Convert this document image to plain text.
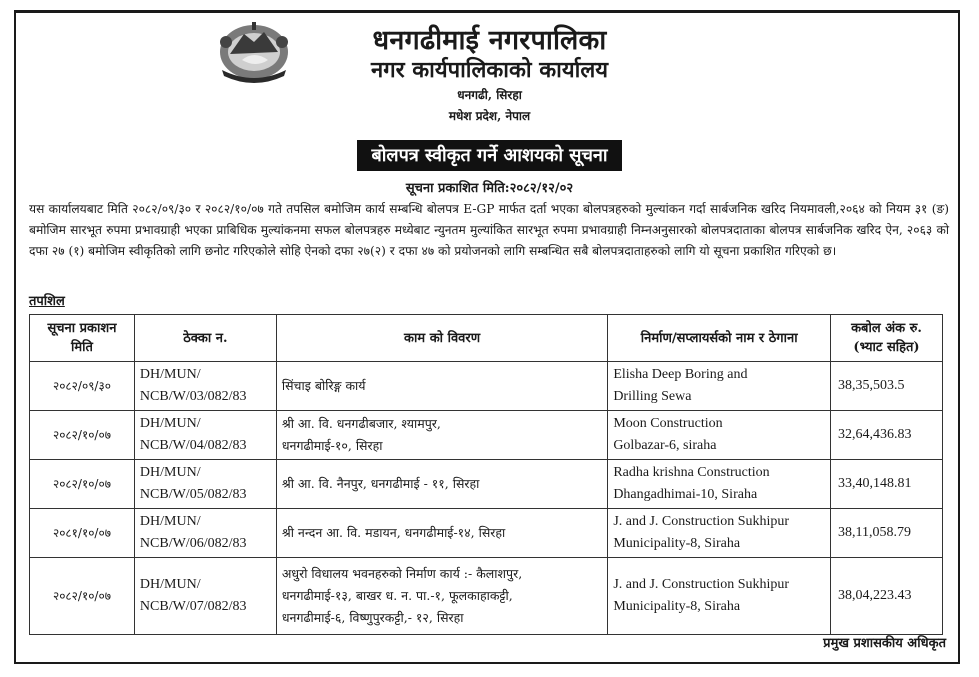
धनगढीमाई नगरपालिका
नगर कार्यपालिकाको कार्यालय
धनगढी, सिरहा
मधेश प्रदेश, नेपाल
बोलपत्र स्वीकृत गर्ने आशयको सूचना
सूचना प्रकाशित मिति:२०८२/१२/०२
यस कार्यालयबाट मिति २०८२/०९/३० र २०८२/१०/०७ गते तपसिल बमोजिम कार्य सम्बन्धि बोलपत्र E-GP मार्फत दर्ता भएका बोलपत्रहरुको मुल्यांकन गर्दा सार्बजनिक खरिद नियमावली,२०६४ को नियम ३१ (ङ) बमोजिम सारभूत रुपमा प्रभावग्राही भएका प्राबिधिक मुल्यांकनमा सफल बोलपत्रहरु मध्येबाट न्युनतम मुल्यांकित सारभूत रुपमा प्रभावग्राही निम्नअनुसारको बोलपत्रदाताका बोलपत्र सार्बजनिक खरिद ऐन, २०६३ को दफा २७ (१) बमोजिम स्वीकृतिको लागि छनोट गरिएकोले सोहि ऐनको दफा २७(२) र दफा ४७ को प्रयोजनको लागि सम्बन्धित सबै बोलपत्रदाताहरुको लागि यो सूचना प्रकाशित गरिएको छ।
तपशिल
सूचना प्रकाशन मिति	ठेक्का न.	काम को विवरण	निर्माण/सप्लायर्सको नाम र ठेगाना	कबोल अंक रु. (भ्याट सहित)
२०८२/०९/३०	DH/MUN/
NCB/W/03/082/83	सिंचाइ बोरिङ्ग कार्य	Elisha Deep Boring and
Drilling Sewa	38,35,503.5
२०८२/१०/०७	DH/MUN/
NCB/W/04/082/83	श्री आ. वि. धनगढीबजार, श्यामपुर,
धनगढीमाई-१०, सिरहा	Moon Construction
Golbazar-6, siraha	32,64,436.83
२०८२/१०/०७	DH/MUN/
NCB/W/05/082/83	श्री आ. वि. नैनपुर, धनगढीमाई - ११, सिरहा	Radha krishna Construction
Dhangadhimai-10, Siraha	33,40,148.81
२०८१/१०/०७	DH/MUN/
NCB/W/06/082/83	श्री नन्दन आ. वि. मडायन, धनगढीमाई-१४, सिरहा	J. and J. Construction Sukhipur
Municipality-8, Siraha	38,11,058.79
२०८२/१०/०७	DH/MUN/
NCB/W/07/082/83	अधुरो विधालय भवनहरुको निर्माण कार्य :- कैलाशपुर,
धनगढीमाई-१३, बाखर ध. न. पा.-१, फूलकाहाकट्टी,
धनगढीमाई-६, विष्णुपुरकट्टी,- १२, सिरहा	J. and J. Construction Sukhipur
Municipality-8, Siraha	38,04,223.43
प्रमुख प्रशासकीय अधिकृत
